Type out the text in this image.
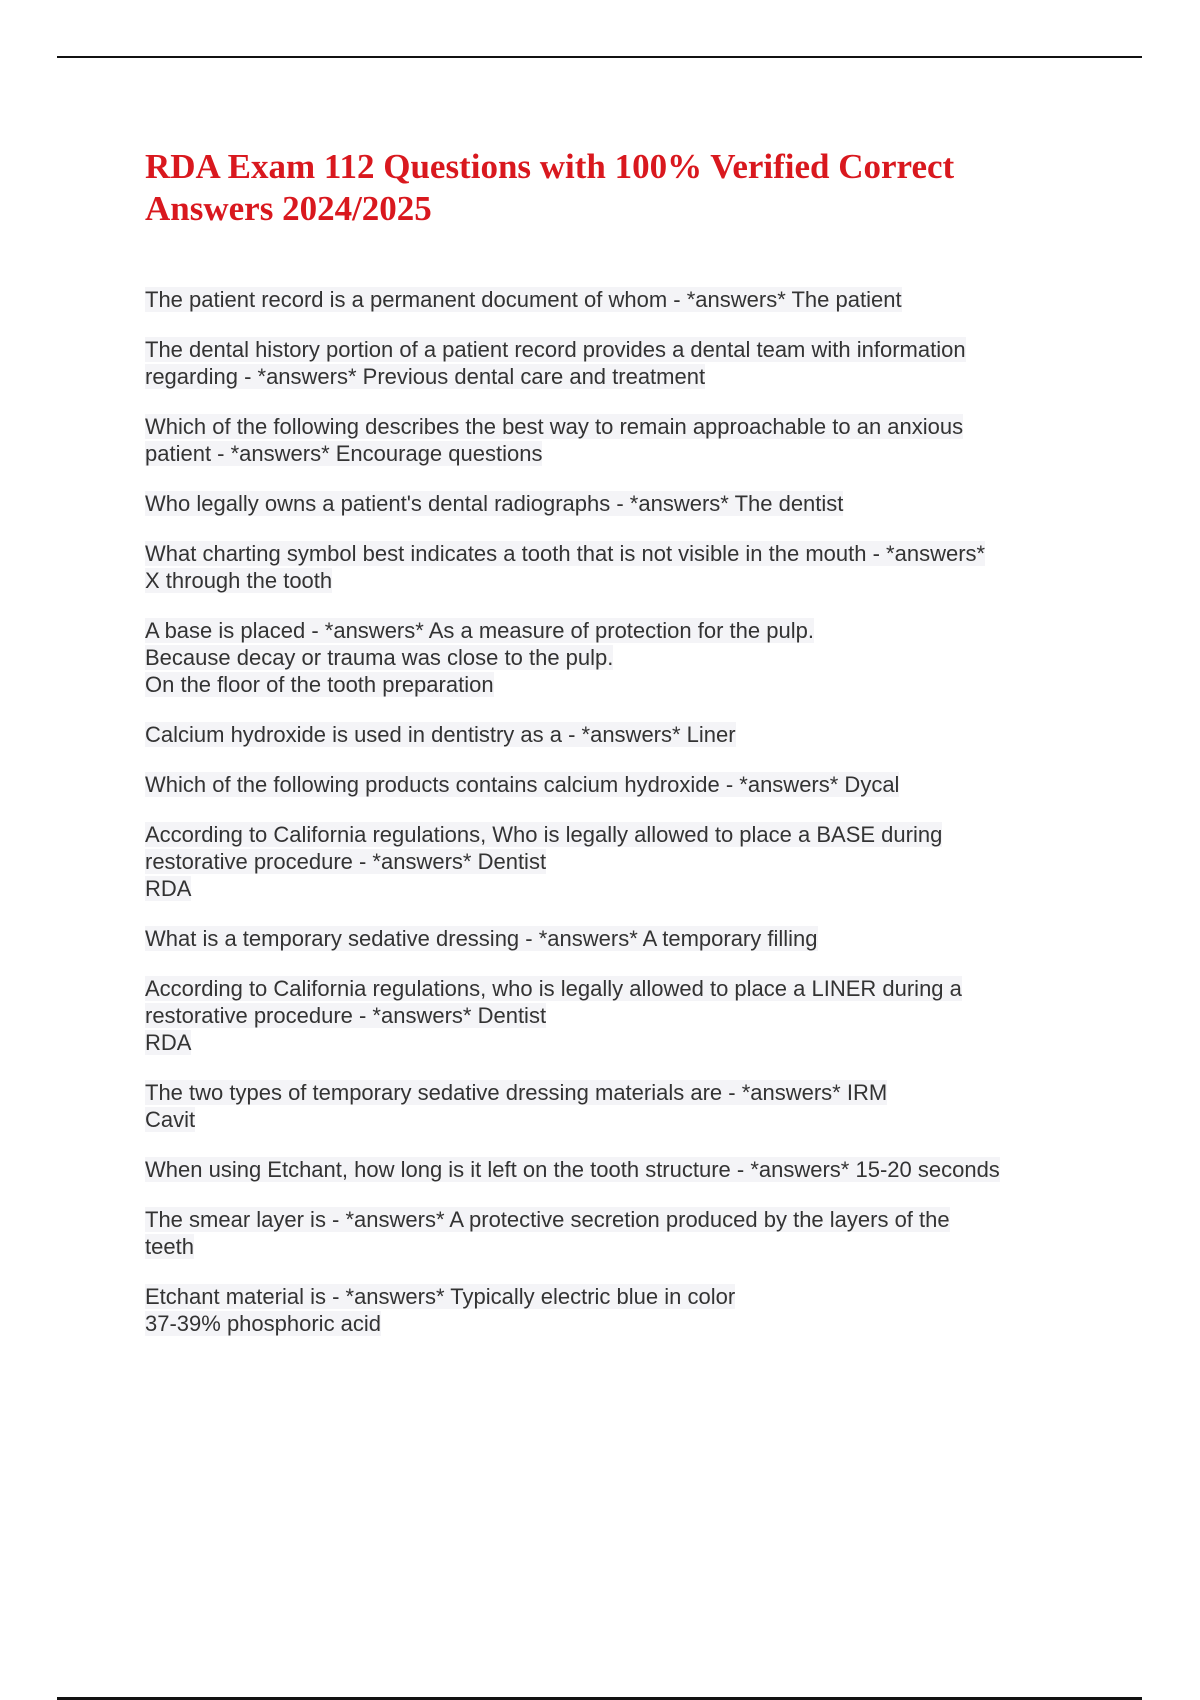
RDA Exam 112 Questions with 100% Verified Correct Answers 2024/2025
The patient record is a permanent document of whom - *answers* The patient
The dental history portion of a patient record provides a dental team with information
regarding - *answers* Previous dental care and treatment
Which of the following describes the best way to remain approachable to an anxious
patient - *answers* Encourage questions
Who legally owns a patient's dental radiographs - *answers* The dentist
What charting symbol best indicates a tooth that is not visible in the mouth - *answers*
X through the tooth
A base is placed - *answers* As a measure of protection for the pulp.
Because decay or trauma was close to the pulp.
On the floor of the tooth preparation
Calcium hydroxide is used in dentistry as a - *answers* Liner
Which of the following products contains calcium hydroxide - *answers* Dycal
According to California regulations, Who is legally allowed to place a BASE during
restorative procedure - *answers* Dentist
RDA
What is a temporary sedative dressing - *answers* A temporary filling
According to California regulations, who is legally allowed to place a LINER during a
restorative procedure - *answers* Dentist
RDA
The two types of temporary sedative dressing materials are - *answers* IRM
Cavit
When using Etchant, how long is it left on the tooth structure - *answers* 15-20 seconds
The smear layer is - *answers* A protective secretion produced by the layers of the
teeth
Etchant material is - *answers* Typically electric blue in color
37-39% phosphoric acid
